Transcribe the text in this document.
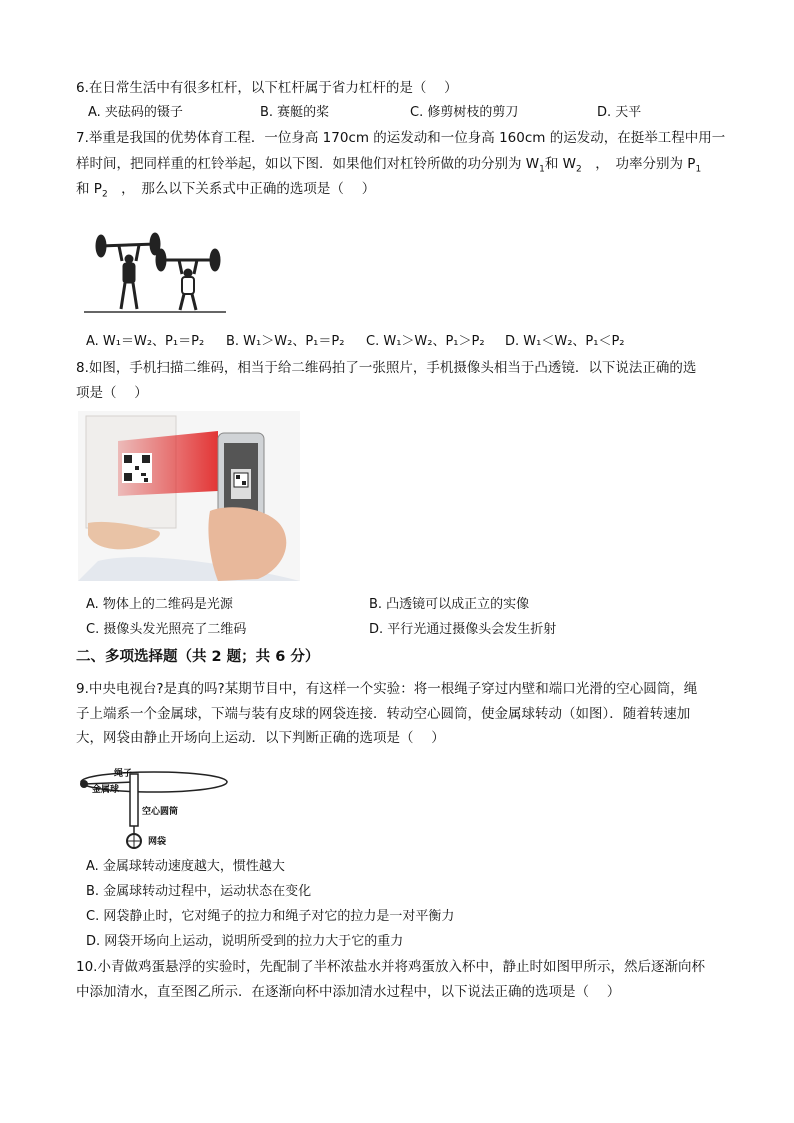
6.在日常生活中有很多杠杆，以下杠杆属于省力杠杆的是（　 ）
A. 夹砝码的镊子	B. 赛艇的桨	C. 修剪树枝的剪刀	D. 天平
7.举重是我国的优势体育工程．一位身高 170cm 的运发动和一位身高 160cm 的运发动，在挺举工程中用一
样时间，把同样重的杠铃举起，如以下图．如果他们对杠铃所做的功分别为 $W_1$和 $W_2$　，　功率分别为 $P_1$
和 $P_2$　，　那么以下关系式中正确的选项是（　 ）
A. W₁＝W₂、P₁＝P₂ B. W₁＞W₂、P₁＝P₂ C. W₁＞W₂、P₁＞P₂ D. W₁＜W₂、P₁＜P₂
8.如图，手机扫描二维码，相当于给二维码拍了一张照片，手机摄像头相当于凸透镜．以下说法正确的选
项是（　 ）
A. 物体上的二维码是光源	B. 凸透镜可以成正立的实像
C. 摄像头发光照亮了二维码	D. 平行光通过摄像头会发生折射
二、多项选择题（共 2 题；共 6 分）
9.中央电视台?是真的吗?某期节目中，有这样一个实验：将一根绳子穿过内壁和端口光滑的空心圆筒，绳
子上端系一个金属球，下端与装有皮球的网袋连接．转动空心圆筒，使金属球转动（如图）．随着转速加
大，网袋由静止开场向上运动．以下判断正确的选项是（　 ）
绳子
金属球
空心圆筒
网袋
A. 金属球转动速度越大，惯性越大
B. 金属球转动过程中，运动状态在变化
C. 网袋静止时，它对绳子的拉力和绳子对它的拉力是一对平衡力
D. 网袋开场向上运动，说明所受到的拉力大于它的重力
10.小青做鸡蛋悬浮的实验时，先配制了半杯浓盐水并将鸡蛋放入杯中，静止时如图甲所示，然后逐渐向杯
中添加清水，直至图乙所示．在逐渐向杯中添加清水过程中，以下说法正确的选项是（　 ）
